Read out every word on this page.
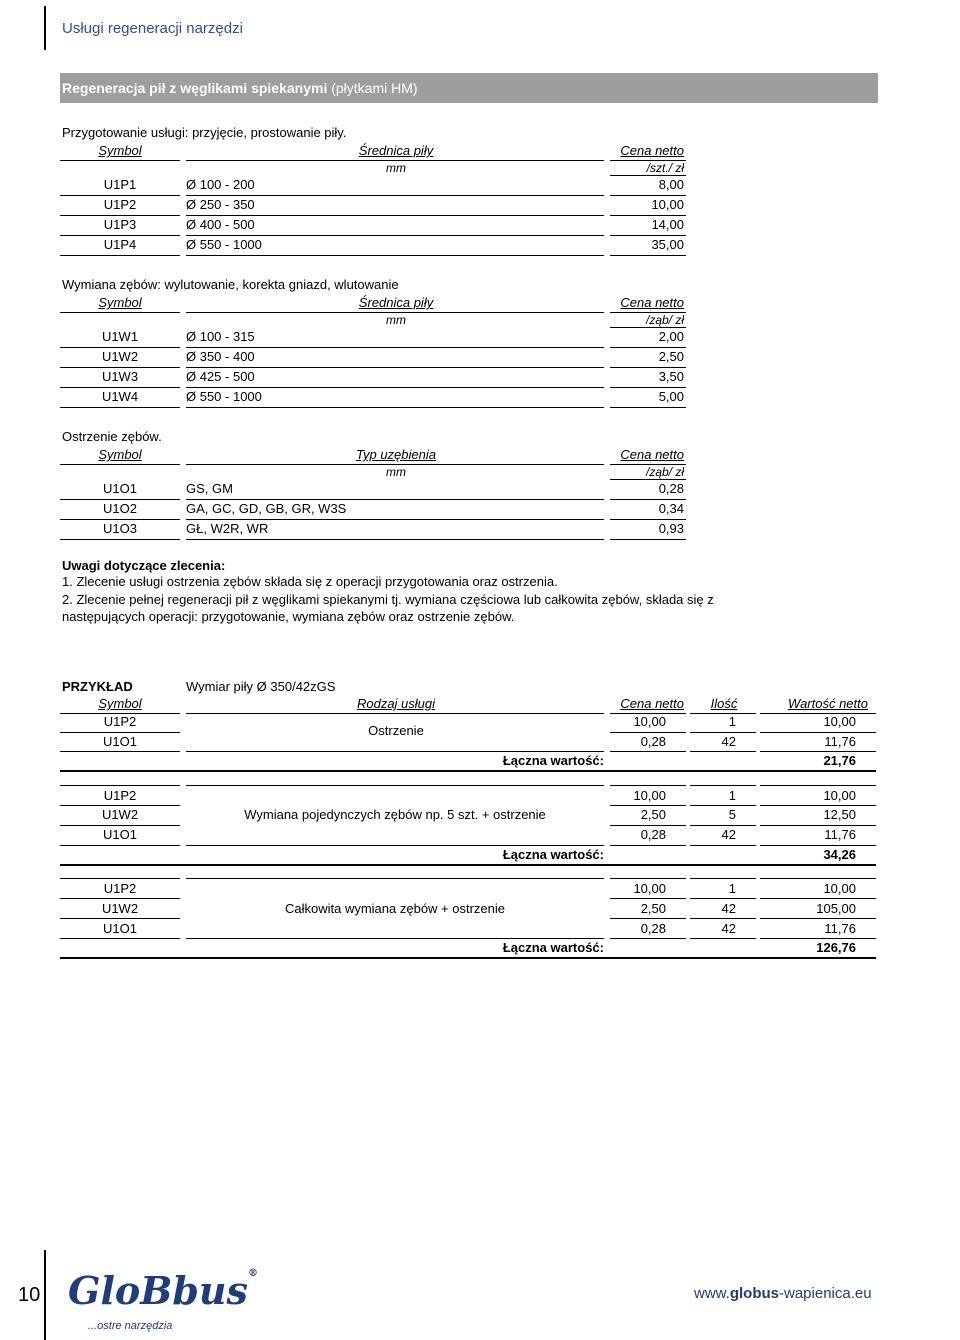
Usługi regeneracji narzędzi
Regeneracja pił z węglikami spiekanymi (płytkami HM)
Przygotowanie usługi: przyjęcie, prostowanie piły.
Symbol	Średnica piły	Cena netto
mm	/szt./ zł
U1P1	Ø 100 - 200	8,00
U1P2	Ø 250 - 350	10,00
U1P3	Ø 400 - 500	14,00
U1P4	Ø 550 - 1000	35,00
Wymiana zębów: wylutowanie, korekta gniazd, wlutowanie
Symbol	Średnica piły	Cena netto
mm	/ząb/ zł
U1W1	Ø 100 - 315	2,00
U1W2	Ø 350 - 400	2,50
U1W3	Ø 425 - 500	3,50
U1W4	Ø 550 - 1000	5,00
Ostrzenie zębów.
Symbol	Typ uzębienia	Cena netto
mm	/ząb/ zł
U1O1	GS, GM	0,28
U1O2	GA, GC, GD, GB, GR, W3S	0,34
U1O3	GŁ, W2R, WR	0,93
Uwagi dotyczące zlecenia:
1. Zlecenie usługi ostrzenia zębów składa się z operacji przygotowania oraz ostrzenia.
2. Zlecenie pełnej regeneracji pił z węglikami spiekanymi tj. wymiana częściowa lub całkowita zębów, składa się z
następujących operacji: przygotowanie, wymiana zębów oraz ostrzenie zębów.
PRZYKŁAD	Wymiar piły Ø 350/42zGS
Symbol	Rodzaj usługi	Cena netto	Ilość	Wartość netto
U1P2	10,00	1	10,00
Ostrzenie
U1O1	0,28	42	11,76
Łączna wartość:	21,76
U1P2	10,00	1	10,00
U1W2	Wymiana pojedynczych zębów np. 5 szt. + ostrzenie	2,50	5	12,50
U1O1	0,28	42	11,76
Łączna wartość:	34,26
U1P2	10,00	1	10,00
U1W2	Całkowita wymiana zębów + ostrzenie	2,50	42	105,00
U1O1	0,28	42	11,76
Łączna wartość:	126,76
10 GloBbus®
...ostre narzędzia
www.globus-wapienica.eu
